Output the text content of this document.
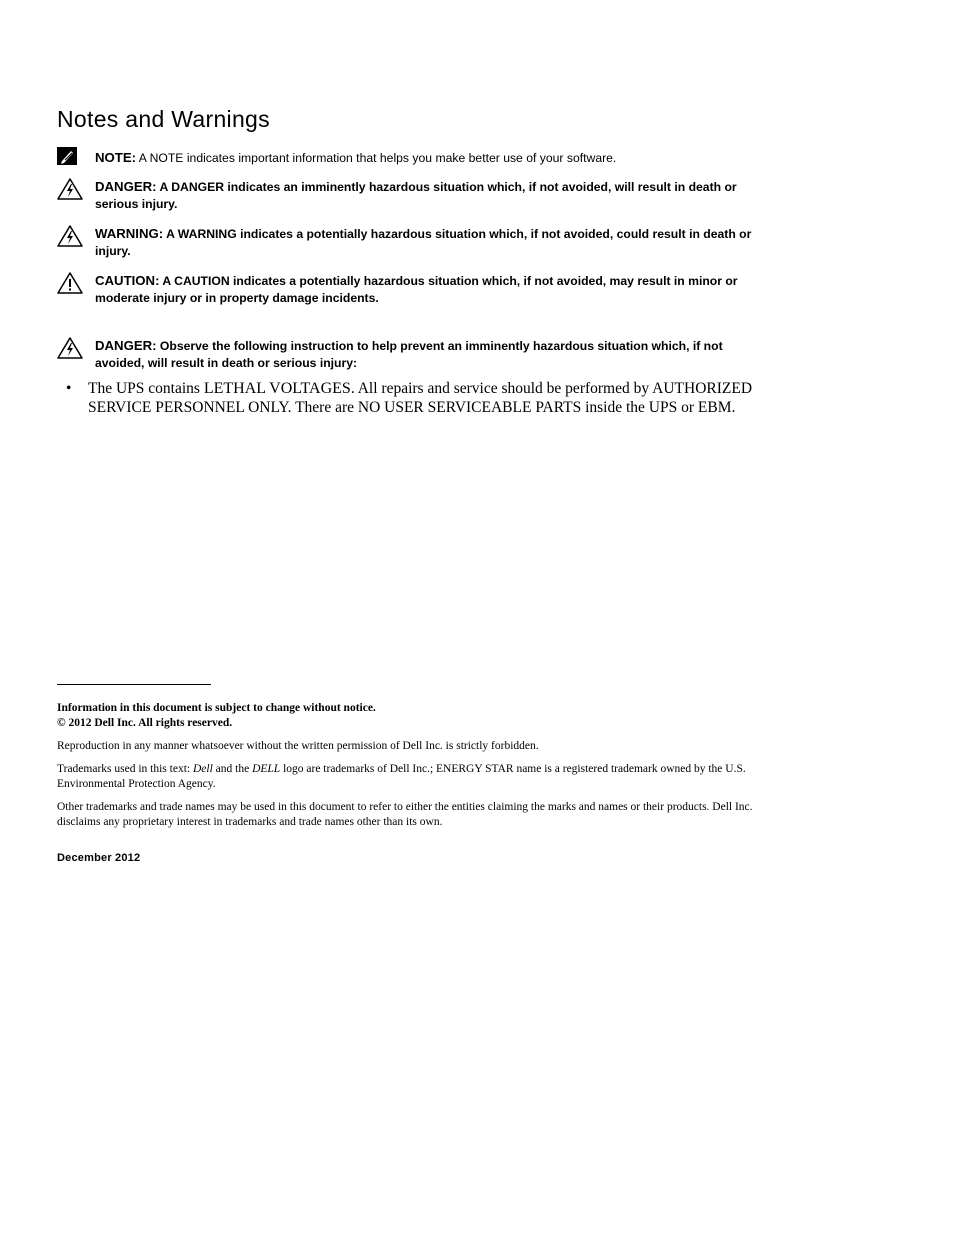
Notes and Warnings
NOTE: A NOTE indicates important information that helps you make better use of your software.
DANGER: A DANGER indicates an imminently hazardous situation which, if not avoided, will result in death or serious injury.
WARNING: A WARNING indicates a potentially hazardous situation which, if not avoided, could result in death or injury.
CAUTION: A CAUTION indicates a potentially hazardous situation which, if not avoided, may result in minor or moderate injury or in property damage incidents.
DANGER: Observe the following instruction to help prevent an imminently hazardous situation which, if not avoided, will result in death or serious injury:
• The UPS contains LETHAL VOLTAGES. All repairs and service should be performed by AUTHORIZED SERVICE PERSONNEL ONLY. There are NO USER SERVICEABLE PARTS inside the UPS or EBM.
Information in this document is subject to change without notice.
© 2012 Dell Inc. All rights reserved.
Reproduction in any manner whatsoever without the written permission of Dell Inc. is strictly forbidden.
Trademarks used in this text: Dell and the DELL logo are trademarks of Dell Inc.; ENERGY STAR name is a registered trademark owned by the U.S. Environmental Protection Agency.
Other trademarks and trade names may be used in this document to refer to either the entities claiming the marks and names or their products. Dell Inc. disclaims any proprietary interest in trademarks and trade names other than its own.
December 2012
